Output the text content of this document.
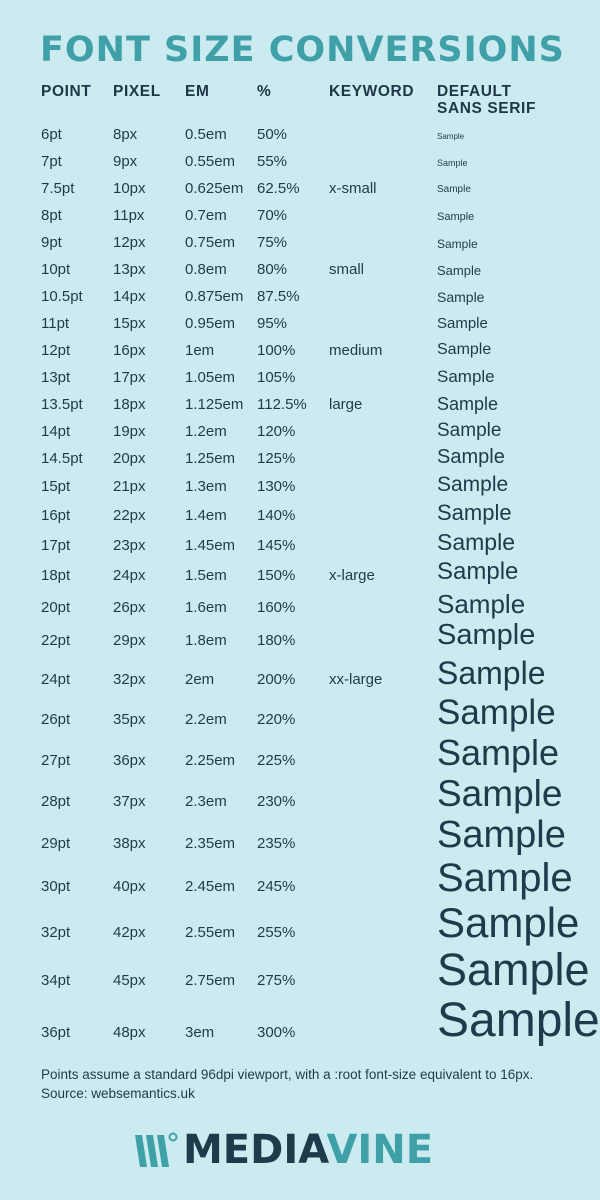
FONT SIZE CONVERSIONS
POINT PIXEL EM	%	KEYWORD DEFAULT
SANS SERIF
6pt	8px	0.5em 50%	Sample
7pt	9px	0.55em 55%	Sample
7.5pt	10px	0.625em 62.5% x-small	Sample
8pt	11px	0.7em 70%	Sample
9pt	12px	0.75em 75%	Sample
10pt	13px	0.8em 80%	small	Sample
10.5pt 14px	0.875em 87.5%	Sample
11pt	15px	0.95em 95%	Sample
12pt	16px	1em	100% medium	Sample
13pt	17px	1.05em 105%	Sample
13.5pt 18px	1.125em 112.5% large	Sample
14pt	19px	1.2em 120%	Sample
14.5pt 20px	1.25em 125%	Sample
15pt	21px	1.3em 130%	Sample
16pt	22px	1.4em 140%	Sample
17pt	23px	1.45em 145%	Sample
18pt	24px	1.5em 150% x-large	Sample
20pt	26px	1.6em 160%	Sample
22pt	29px	1.8em 180%	Sample
24pt	32px	2em	200% xx-large Sample
26pt	35px	2.2em 220%	Sample
27pt	36px	2.25em 225%	Sample
28pt	37px	2.3em 230%	Sample
29pt	38px	2.35em 235%	Sample
30pt	40px	2.45em 245%	Sample
32pt	42px	2.55em 255%	Sample
34pt	45px	2.75em 275%	Sample
36pt	48px	3em	300%	Sample
Points assume a standard 96dpi viewport, with a :root font-size equivalent to 16px.
Source: websemantics.uk
MEDIAVINE
